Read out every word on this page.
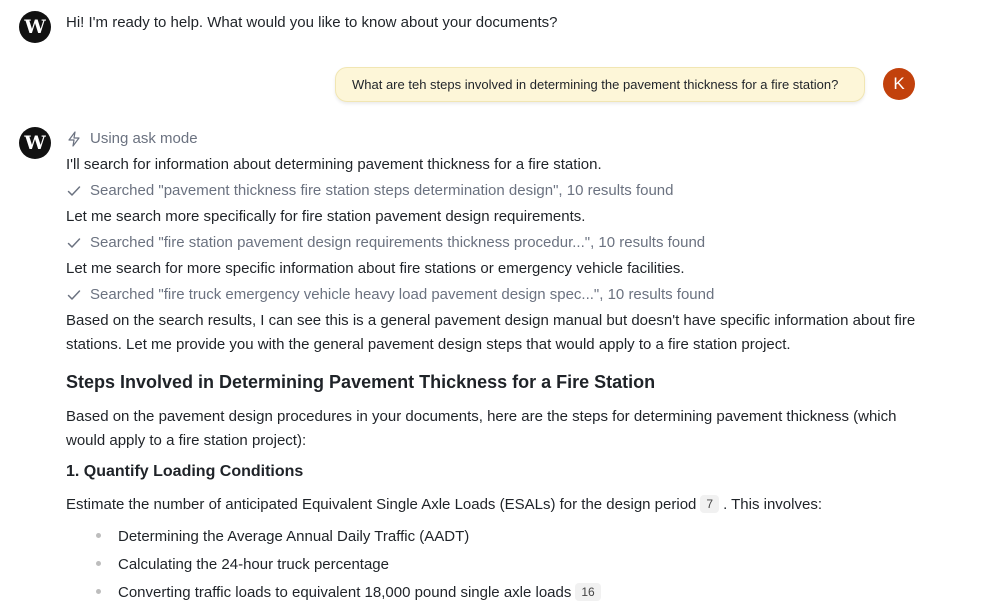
W	Hi! I'm ready to help. What would you like to know about your documents?
What are teh steps involved in determining the pavement thickness for a fire station?	K
W	Using ask mode
I'll search for information about determining pavement thickness for a fire station.
Searched "pavement thickness fire station steps determination design", 10 results found
Let me search more specifically for fire station pavement design requirements.
Searched "fire station pavement design requirements thickness procedur...", 10 results found
Let me search for more specific information about fire stations or emergency vehicle facilities.
Searched "fire truck emergency vehicle heavy load pavement design spec...", 10 results found
Based on the search results, I can see this is a general pavement design manual but doesn't have specific information about fire stations. Let me provide you with the general pavement design steps that would apply to a fire station project.
Steps Involved in Determining Pavement Thickness for a Fire Station
Based on the pavement design procedures in your documents, here are the steps for determining pavement thickness (which would apply to a fire station project):
1. Quantify Loading Conditions
Estimate the number of anticipated Equivalent Single Axle Loads (ESALs) for the design period 7 . This involves:
Determining the Average Annual Daily Traffic (AADT)
Calculating the 24-hour truck percentage
Converting traffic loads to equivalent 18,000 pound single axle loads 16
